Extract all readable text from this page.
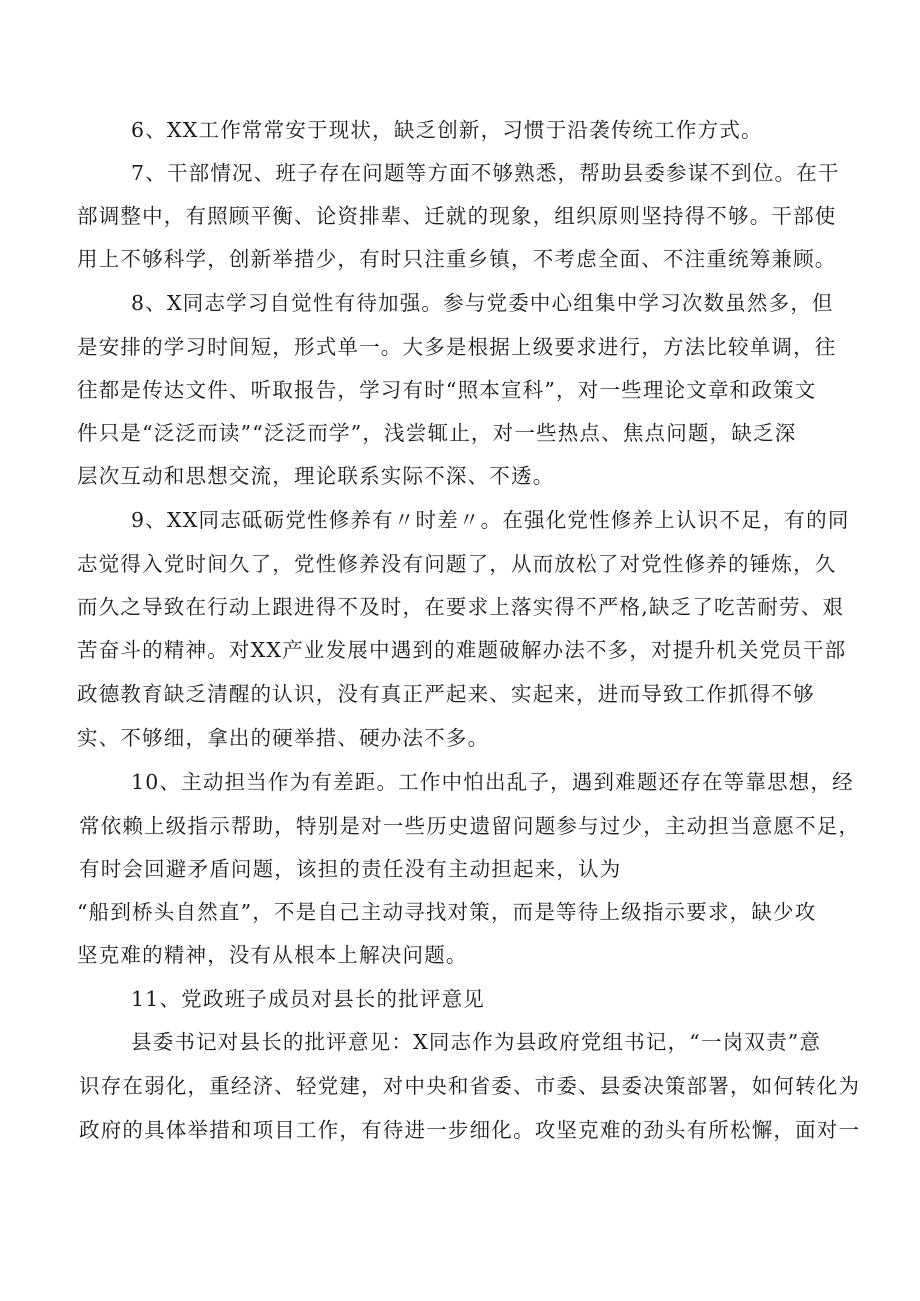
6、XX工作常常安于现状，缺乏创新，习惯于沿袭传统工作方式。
7、干部情况、班子存在问题等方面不够熟悉，帮助县委参谋不到位。在干
部调整中，有照顾平衡、论资排辈、迁就的现象，组织原则坚持得不够。干部使
用上不够科学，创新举措少，有时只注重乡镇，不考虑全面、不注重统筹兼顾。
8、X同志学习自觉性有待加强。参与党委中心组集中学习次数虽然多，但
是安排的学习时间短，形式单一。大多是根据上级要求进行，方法比较单调，往
往都是传达文件、听取报告，学习有时“照本宣科”，对一些理论文章和政策文
件只是“泛泛而读”“泛泛而学”，浅尝辄止，对一些热点、焦点问题，缺乏深
层次互动和思想交流，理论联系实际不深、不透。
9、XX同志砥砺党性修养有〃时差〃。在强化党性修养上认识不足，有的同
志觉得入党时间久了，党性修养没有问题了，从而放松了对党性修养的锤炼，久
而久之导致在行动上跟进得不及时，在要求上落实得不严格,缺乏了吃苦耐劳、艰
苦奋斗的精神。对XX产业发展中遇到的难题破解办法不多，对提升机关党员干部
政德教育缺乏清醒的认识，没有真正严起来、实起来，进而导致工作抓得不够
实、不够细，拿出的硬举措、硬办法不多。
10、主动担当作为有差距。工作中怕出乱子，遇到难题还存在等靠思想，经
常依赖上级指示帮助，特别是对一些历史遗留问题参与过少，主动担当意愿不足，
有时会回避矛盾问题，该担的责任没有主动担起来，认为
“船到桥头自然直”，不是自己主动寻找对策，而是等待上级指示要求，缺少攻
坚克难的精神，没有从根本上解决问题。
11、党政班子成员对县长的批评意见
县委书记对县长的批评意见：X同志作为县政府党组书记，“一岗双责”意
识存在弱化，重经济、轻党建，对中央和省委、市委、县委决策部署，如何转化为
政府的具体举措和项目工作，有待进一步细化。攻坚克难的劲头有所松懈，面对一
